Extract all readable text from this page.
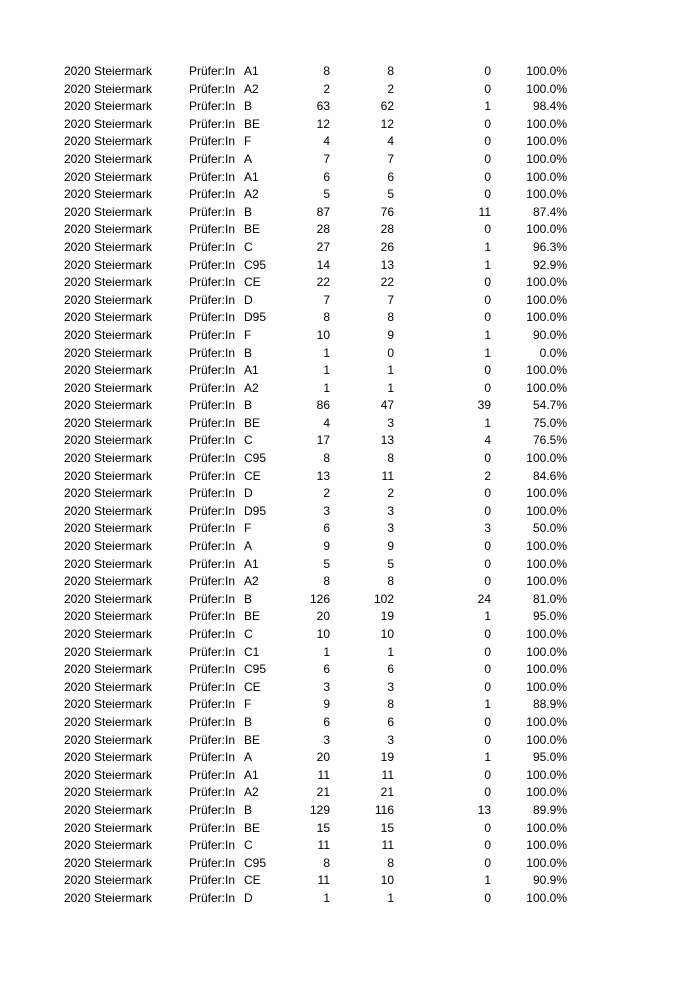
2020 Steiermark	Prüfer:In A1	8	8	0	100.0%
2020 Steiermark	Prüfer:In A2	2	2	0	100.0%
2020 Steiermark	Prüfer:In B	63	62	1	98.4%
2020 Steiermark	Prüfer:In BE	12	12	0	100.0%
2020 Steiermark	Prüfer:In F	4	4	0	100.0%
2020 Steiermark	Prüfer:In A	7	7	0	100.0%
2020 Steiermark	Prüfer:In A1	6	6	0	100.0%
2020 Steiermark	Prüfer:In A2	5	5	0	100.0%
2020 Steiermark	Prüfer:In B	87	76	11	87.4%
2020 Steiermark	Prüfer:In BE	28	28	0	100.0%
2020 Steiermark	Prüfer:In C	27	26	1	96.3%
2020 Steiermark	Prüfer:In C95	14	13	1	92.9%
2020 Steiermark	Prüfer:In CE	22	22	0	100.0%
2020 Steiermark	Prüfer:In D	7	7	0	100.0%
2020 Steiermark	Prüfer:In D95	8	8	0	100.0%
2020 Steiermark	Prüfer:In F	10	9	1	90.0%
2020 Steiermark	Prüfer:In B	1	0	1	0.0%
2020 Steiermark	Prüfer:In A1	1	1	0	100.0%
2020 Steiermark	Prüfer:In A2	1	1	0	100.0%
2020 Steiermark	Prüfer:In B	86	47	39	54.7%
2020 Steiermark	Prüfer:In BE	4	3	1	75.0%
2020 Steiermark	Prüfer:In C	17	13	4	76.5%
2020 Steiermark	Prüfer:In C95	8	8	0	100.0%
2020 Steiermark	Prüfer:In CE	13	11	2	84.6%
2020 Steiermark	Prüfer:In D	2	2	0	100.0%
2020 Steiermark	Prüfer:In D95	3	3	0	100.0%
2020 Steiermark	Prüfer:In F	6	3	3	50.0%
2020 Steiermark	Prüfer:In A	9	9	0	100.0%
2020 Steiermark	Prüfer:In A1	5	5	0	100.0%
2020 Steiermark	Prüfer:In A2	8	8	0	100.0%
2020 Steiermark	Prüfer:In B	126	102	24	81.0%
2020 Steiermark	Prüfer:In BE	20	19	1	95.0%
2020 Steiermark	Prüfer:In C	10	10	0	100.0%
2020 Steiermark	Prüfer:In C1	1	1	0	100.0%
2020 Steiermark	Prüfer:In C95	6	6	0	100.0%
2020 Steiermark	Prüfer:In CE	3	3	0	100.0%
2020 Steiermark	Prüfer:In F	9	8	1	88.9%
2020 Steiermark	Prüfer:In B	6	6	0	100.0%
2020 Steiermark	Prüfer:In BE	3	3	0	100.0%
2020 Steiermark	Prüfer:In A	20	19	1	95.0%
2020 Steiermark	Prüfer:In A1	11	11	0	100.0%
2020 Steiermark	Prüfer:In A2	21	21	0	100.0%
2020 Steiermark	Prüfer:In B	129	116	13	89.9%
2020 Steiermark	Prüfer:In BE	15	15	0	100.0%
2020 Steiermark	Prüfer:In C	11	11	0	100.0%
2020 Steiermark	Prüfer:In C95	8	8	0	100.0%
2020 Steiermark	Prüfer:In CE	11	10	1	90.9%
2020 Steiermark	Prüfer:In D	1	1	0	100.0%
